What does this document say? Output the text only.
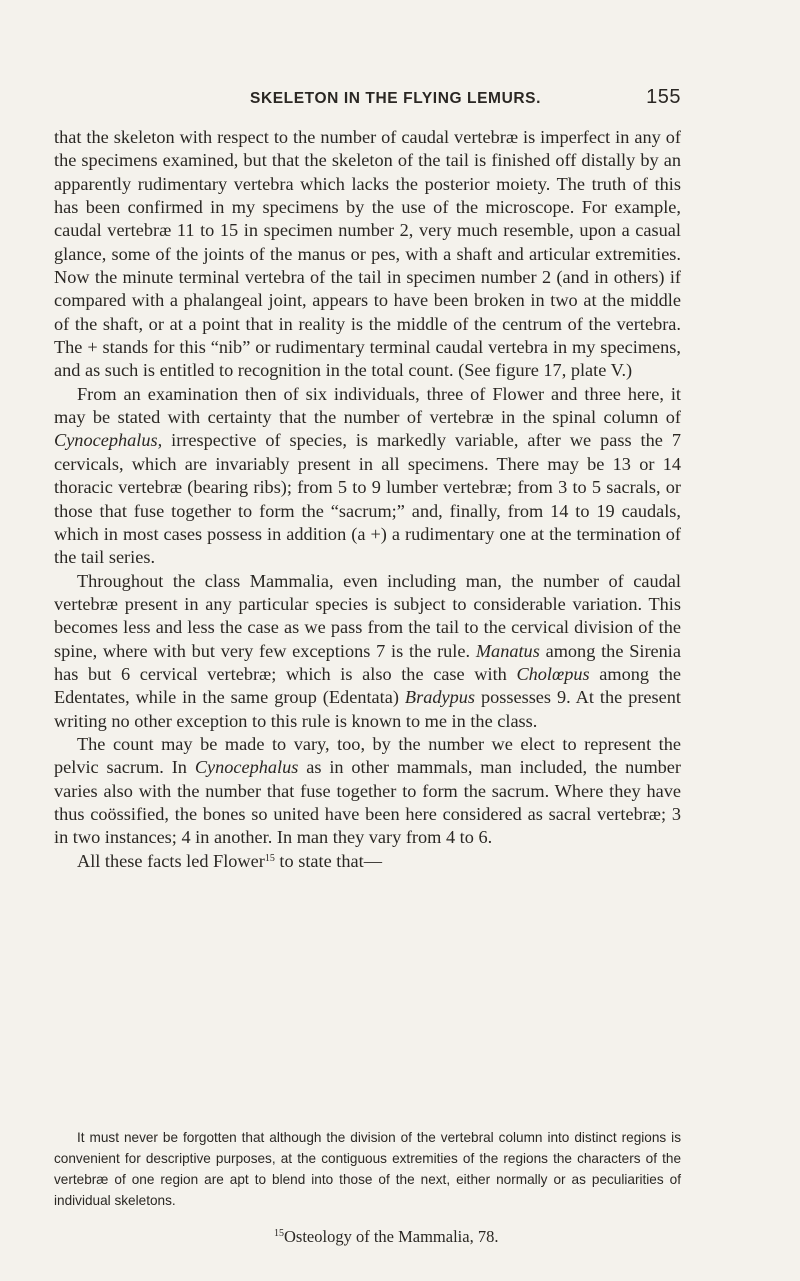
SKELETON IN THE FLYING LEMURS.	155

that the skeleton with respect to the number of caudal vertebræ is imperfect in any of the specimens examined, but that the skeleton of the tail is finished off distally by an apparently rudimentary vertebra which lacks the posterior moiety. The truth of this has been confirmed in my specimens by the use of the microscope. For example, caudal vertebræ 11 to 15 in specimen number 2, very much resemble, upon a casual glance, some of the joints of the manus or pes, with a shaft and articular extremities. Now the minute terminal vertebra of the tail in specimen number 2 (and in others) if compared with a phalangeal joint, appears to have been broken in two at the middle of the shaft, or at a point that in reality is the middle of the centrum of the vertebra. The + stands for this “nib” or rudimentary terminal caudal vertebra in my specimens, and as such is entitled to recognition in the total count. (See figure 17, plate V.)

From an examination then of six individuals, three of Flower and three here, it may be stated with certainty that the number of vertebræ in the spinal column of Cynocephalus, irrespective of species, is markedly variable, after we pass the 7 cervicals, which are invariably present in all specimens. There may be 13 or 14 thoracic vertebræ (bearing ribs); from 5 to 9 lumber vertebræ; from 3 to 5 sacrals, or those that fuse together to form the “sacrum;” and, finally, from 14 to 19 caudals, which in most cases possess in addition (a +) a rudimentary one at the termination of the tail series.

Throughout the class Mammalia, even including man, the number of caudal vertebræ present in any particular species is subject to considerable variation. This becomes less and less the case as we pass from the tail to the cervical division of the spine, where with but very few exceptions 7 is the rule. Manatus among the Sirenia has but 6 cervical vertebræ; which is also the case with Cholœpus among the Edentates, while in the same group (Edentata) Bradypus possesses 9. At the present writing no other exception to this rule is known to me in the class.

The count may be made to vary, too, by the number we elect to represent the pelvic sacrum. In Cynocephalus as in other mammals, man included, the number varies also with the number that fuse together to form the sacrum. Where they have thus coössified, the bones so united have been here considered as sacral vertebræ; 3 in two instances; 4 in another. In man they vary from 4 to 6.

All these facts led Flower$^{15}$ to state that—

It must never be forgotten that although the division of the vertebral column into distinct regions is convenient for descriptive purposes, at the contiguous extremities of the regions the characters of the vertebræ of one region are apt to blend into those of the next, either normally or as peculiarities of individual skeletons.

$^{15}$Osteology of the Mammalia, 78.
